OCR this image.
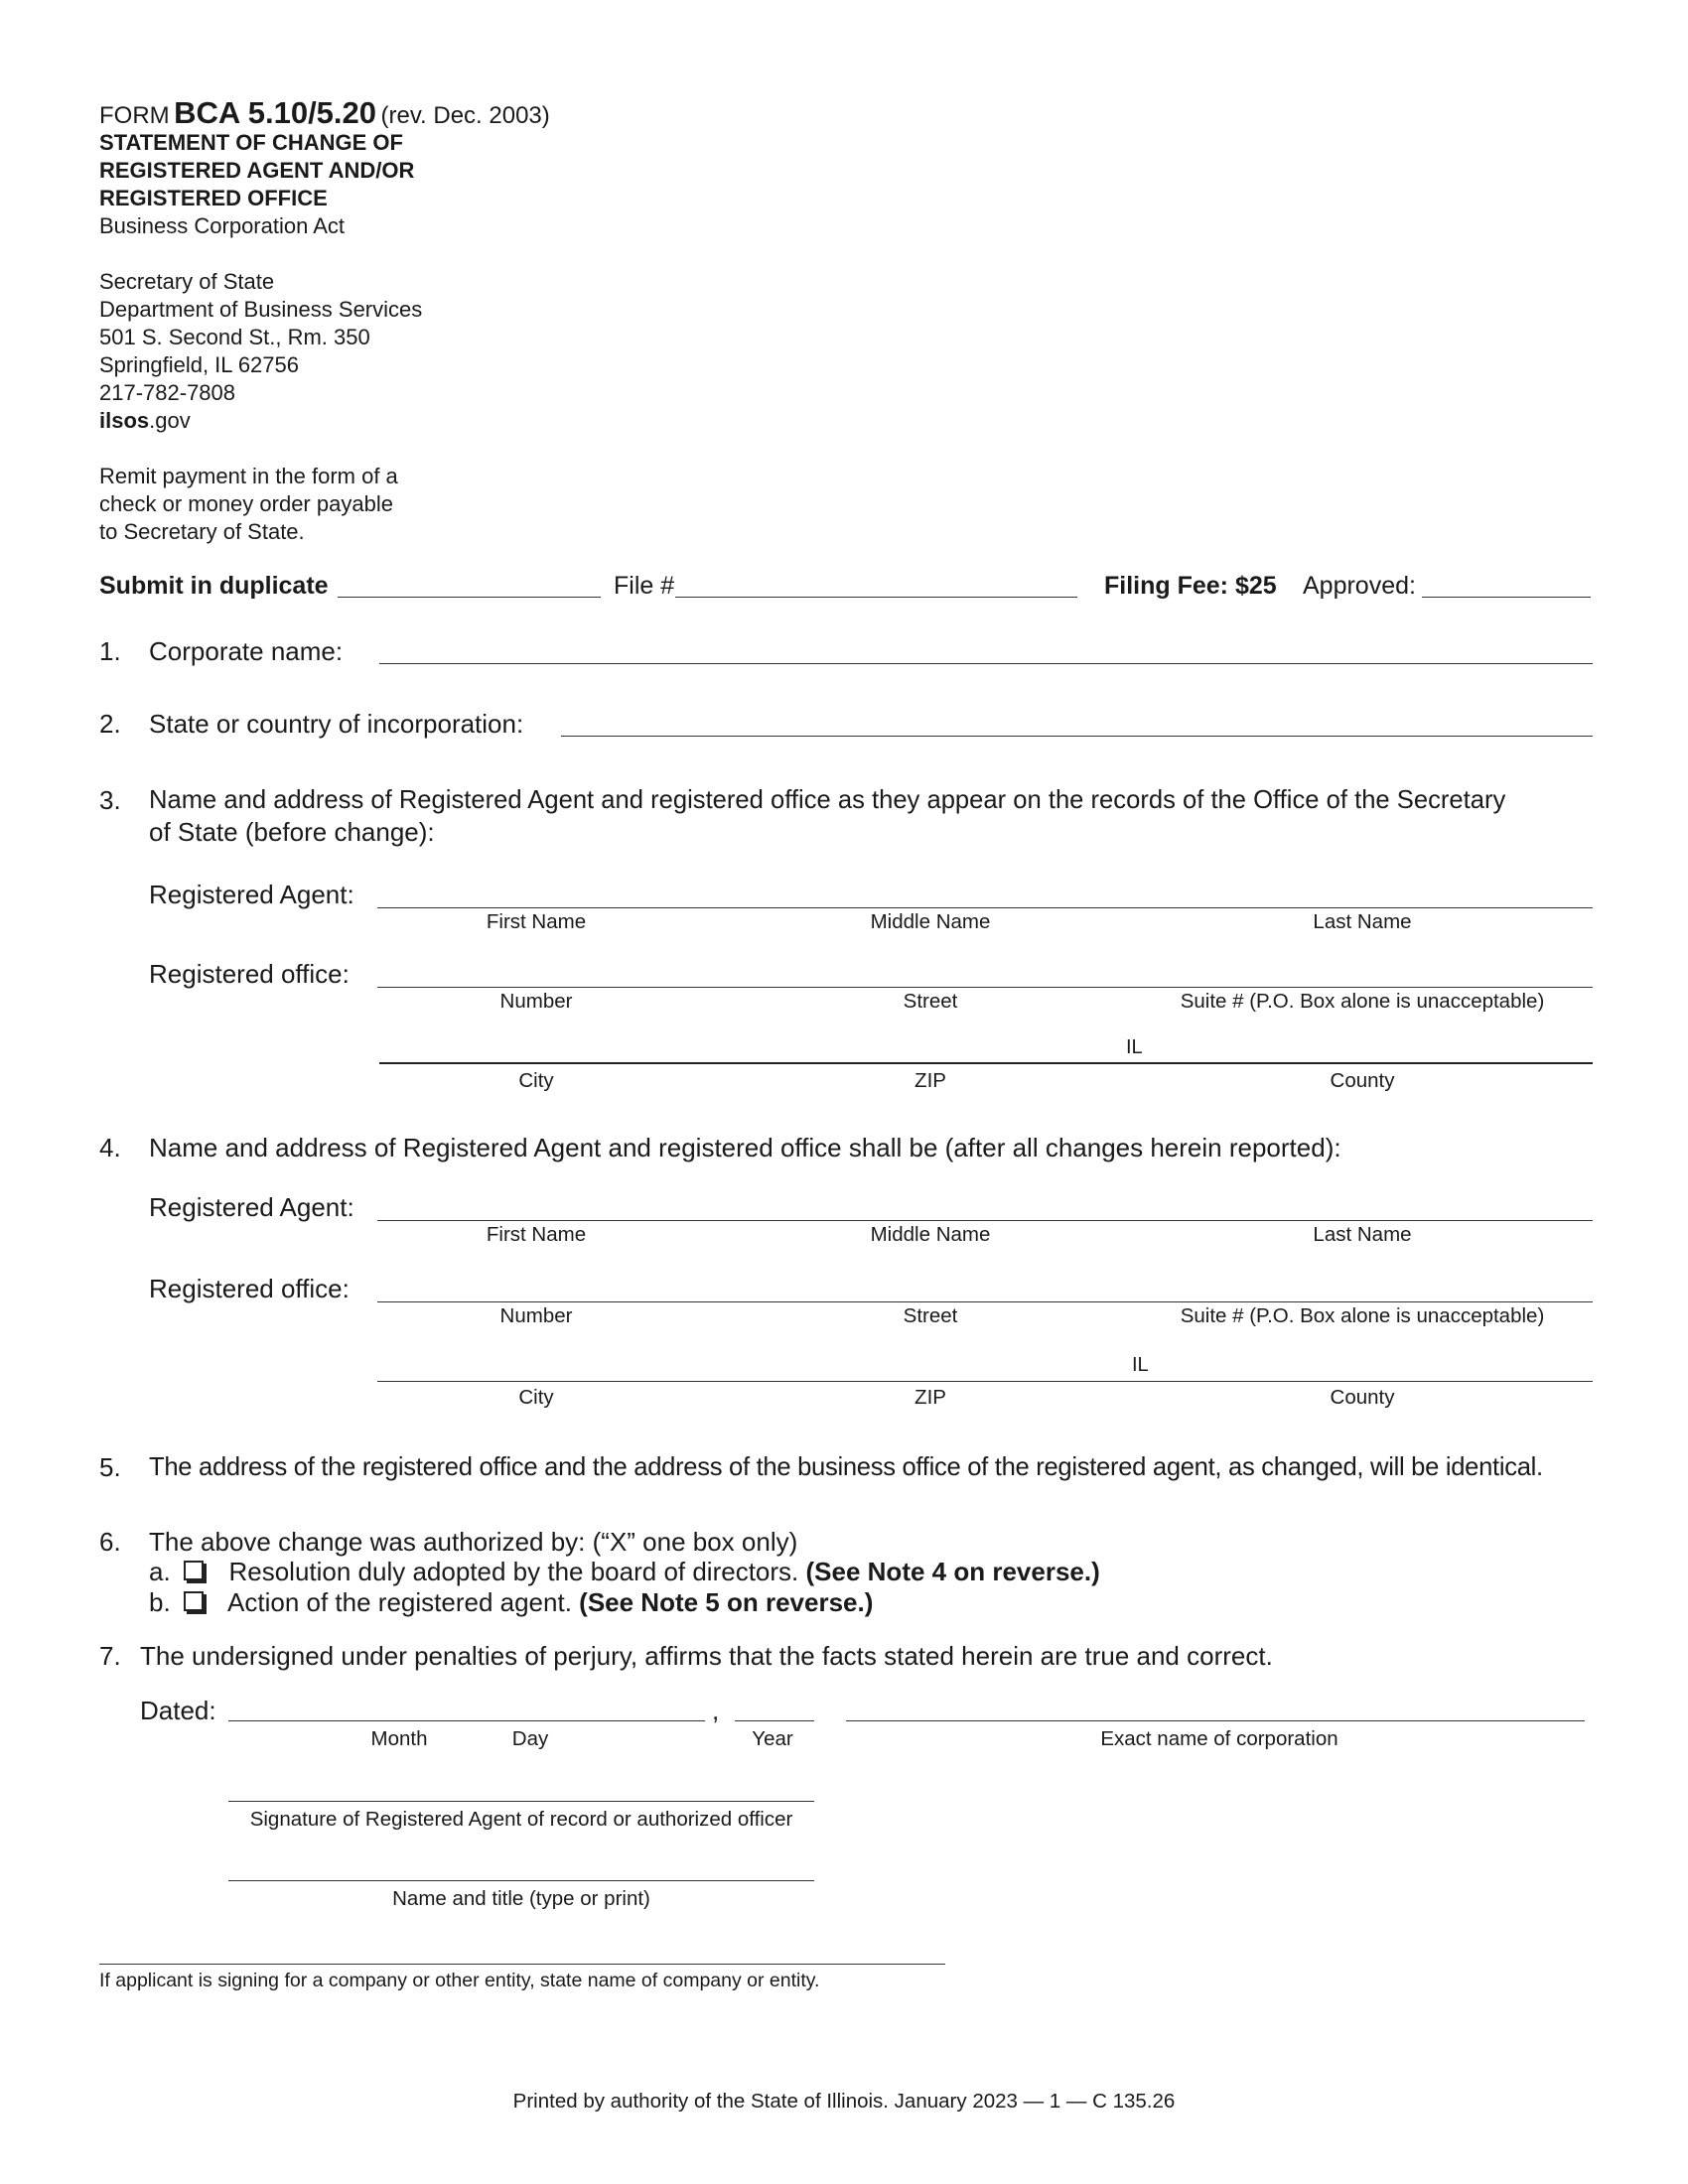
FORM BCA 5.10/5.20 (rev. Dec. 2003)
STATEMENT OF CHANGE OF
REGISTERED AGENT AND/OR
REGISTERED OFFICE
Business Corporation Act
Secretary of State
Department of Business Services
501 S. Second St., Rm. 350
Springfield, IL 62756
217-782-7808
ilsos.gov
Remit payment in the form of a
check or money order payable
to Secretary of State.
Submit in duplicate	File #	Filing Fee: $25 Approved:
1. Corporate name:
2. State or country of incorporation:
3. Name and address of Registered Agent and registered office as they appear on the records of the Office of the Secretary
of State (before change):
Registered Agent:
First Name	Middle Name	Last Name
Registered office:
Number	Street	Suite # (P.O. Box alone is unacceptable)
IL
City	ZIP	County
4. Name and address of Registered Agent and registered office shall be (after all changes herein reported):
Registered Agent:
First Name	Middle Name	Last Name
Registered office:
Number	Street	Suite # (P.O. Box alone is unacceptable)
IL
City	ZIP	County
5. The address of the registered office and the address of the business office of the registered agent, as changed, will be identical.
6. The above change was authorized by: (“X” one box only)
a. Resolution duly adopted by the board of directors. (See Note 4 on reverse.)
b. Action of the registered agent. (See Note 5 on reverse.)
7. The undersigned under penalties of perjury, affirms that the facts stated herein are true and correct.
Dated:	,
Month	Day	Year	Exact name of corporation
Signature of Registered Agent of record or authorized officer
Name and title (type or print)
If applicant is signing for a company or other entity, state name of company or entity.
Printed by authority of the State of Illinois. January 2023 — 1 — C 135.26
